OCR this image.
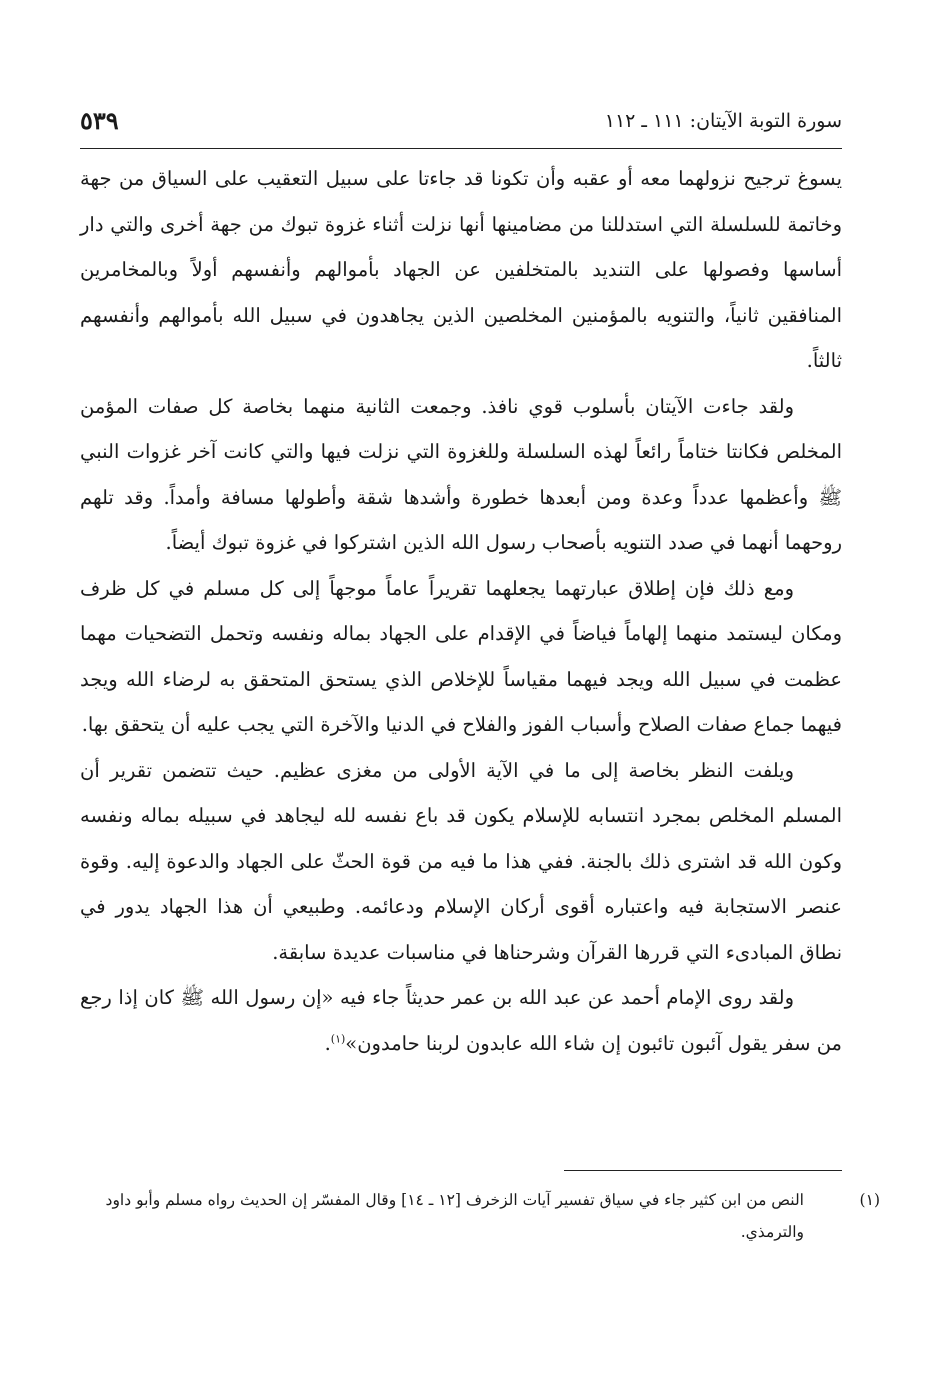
سورة التوبة الآيتان: ١١١ ـ ١١٢
٥٣٩

يسوغ ترجيح نزولهما معه أو عقبه وأن تكونا قد جاءتا على سبيل التعقيب على السياق من جهة وخاتمة للسلسلة التي استدللنا من مضامينها أنها نزلت أثناء غزوة تبوك من جهة أخرى والتي دار أساسها وفصولها على التنديد بالمتخلفين عن الجهاد بأموالهم وأنفسهم أولاً وبالمخامرين المنافقين ثانياً، والتنويه بالمؤمنين المخلصين الذين يجاهدون في سبيل الله بأموالهم وأنفسهم ثالثاً.

ولقد جاءت الآيتان بأسلوب قوي نافذ. وجمعت الثانية منهما بخاصة كل صفات المؤمن المخلص فكانتا ختاماً رائعاً لهذه السلسلة وللغزوة التي نزلت فيها والتي كانت آخر غزوات النبي ﷺ وأعظمها عدداً وعدة ومن أبعدها خطورة وأشدها شقة وأطولها مسافة وأمداً. وقد تلهم روحهما أنهما في صدد التنويه بأصحاب رسول الله الذين اشتركوا في غزوة تبوك أيضاً.

ومع ذلك فإن إطلاق عبارتهما يجعلهما تقريراً عاماً موجهاً إلى كل مسلم في كل ظرف ومكان ليستمد منهما إلهاماً فياضاً في الإقدام على الجهاد بماله ونفسه وتحمل التضحيات مهما عظمت في سبيل الله ويجد فيهما مقياساً للإخلاص الذي يستحق المتحقق به لرضاء الله ويجد فيهما جماع صفات الصلاح وأسباب الفوز والفلاح في الدنيا والآخرة التي يجب عليه أن يتحقق بها.

ويلفت النظر بخاصة إلى ما في الآية الأولى من مغزى عظيم. حيث تتضمن تقرير أن المسلم المخلص بمجرد انتسابه للإسلام يكون قد باع نفسه لله ليجاهد في سبيله بماله ونفسه وكون الله قد اشترى ذلك بالجنة. ففي هذا ما فيه من قوة الحثّ على الجهاد والدعوة إليه. وقوة عنصر الاستجابة فيه واعتباره أقوى أركان الإسلام ودعائمه. وطبيعي أن هذا الجهاد يدور في نطاق المبادىء التي قررها القرآن وشرحناها في مناسبات عديدة سابقة.

ولقد روى الإمام أحمد عن عبد الله بن عمر حديثاً جاء فيه «إن رسول الله ﷺ كان إذا رجع من سفر يقول آئبون تائبون إن شاء الله عابدون لربنا حامدون»$^{(١)}$.

(١)النص من ابن كثير جاء في سياق تفسير آيات الزخرف [١٢ ـ ١٤] وقال المفسّر إن الحديث رواه مسلم وأبو داود والترمذي.
